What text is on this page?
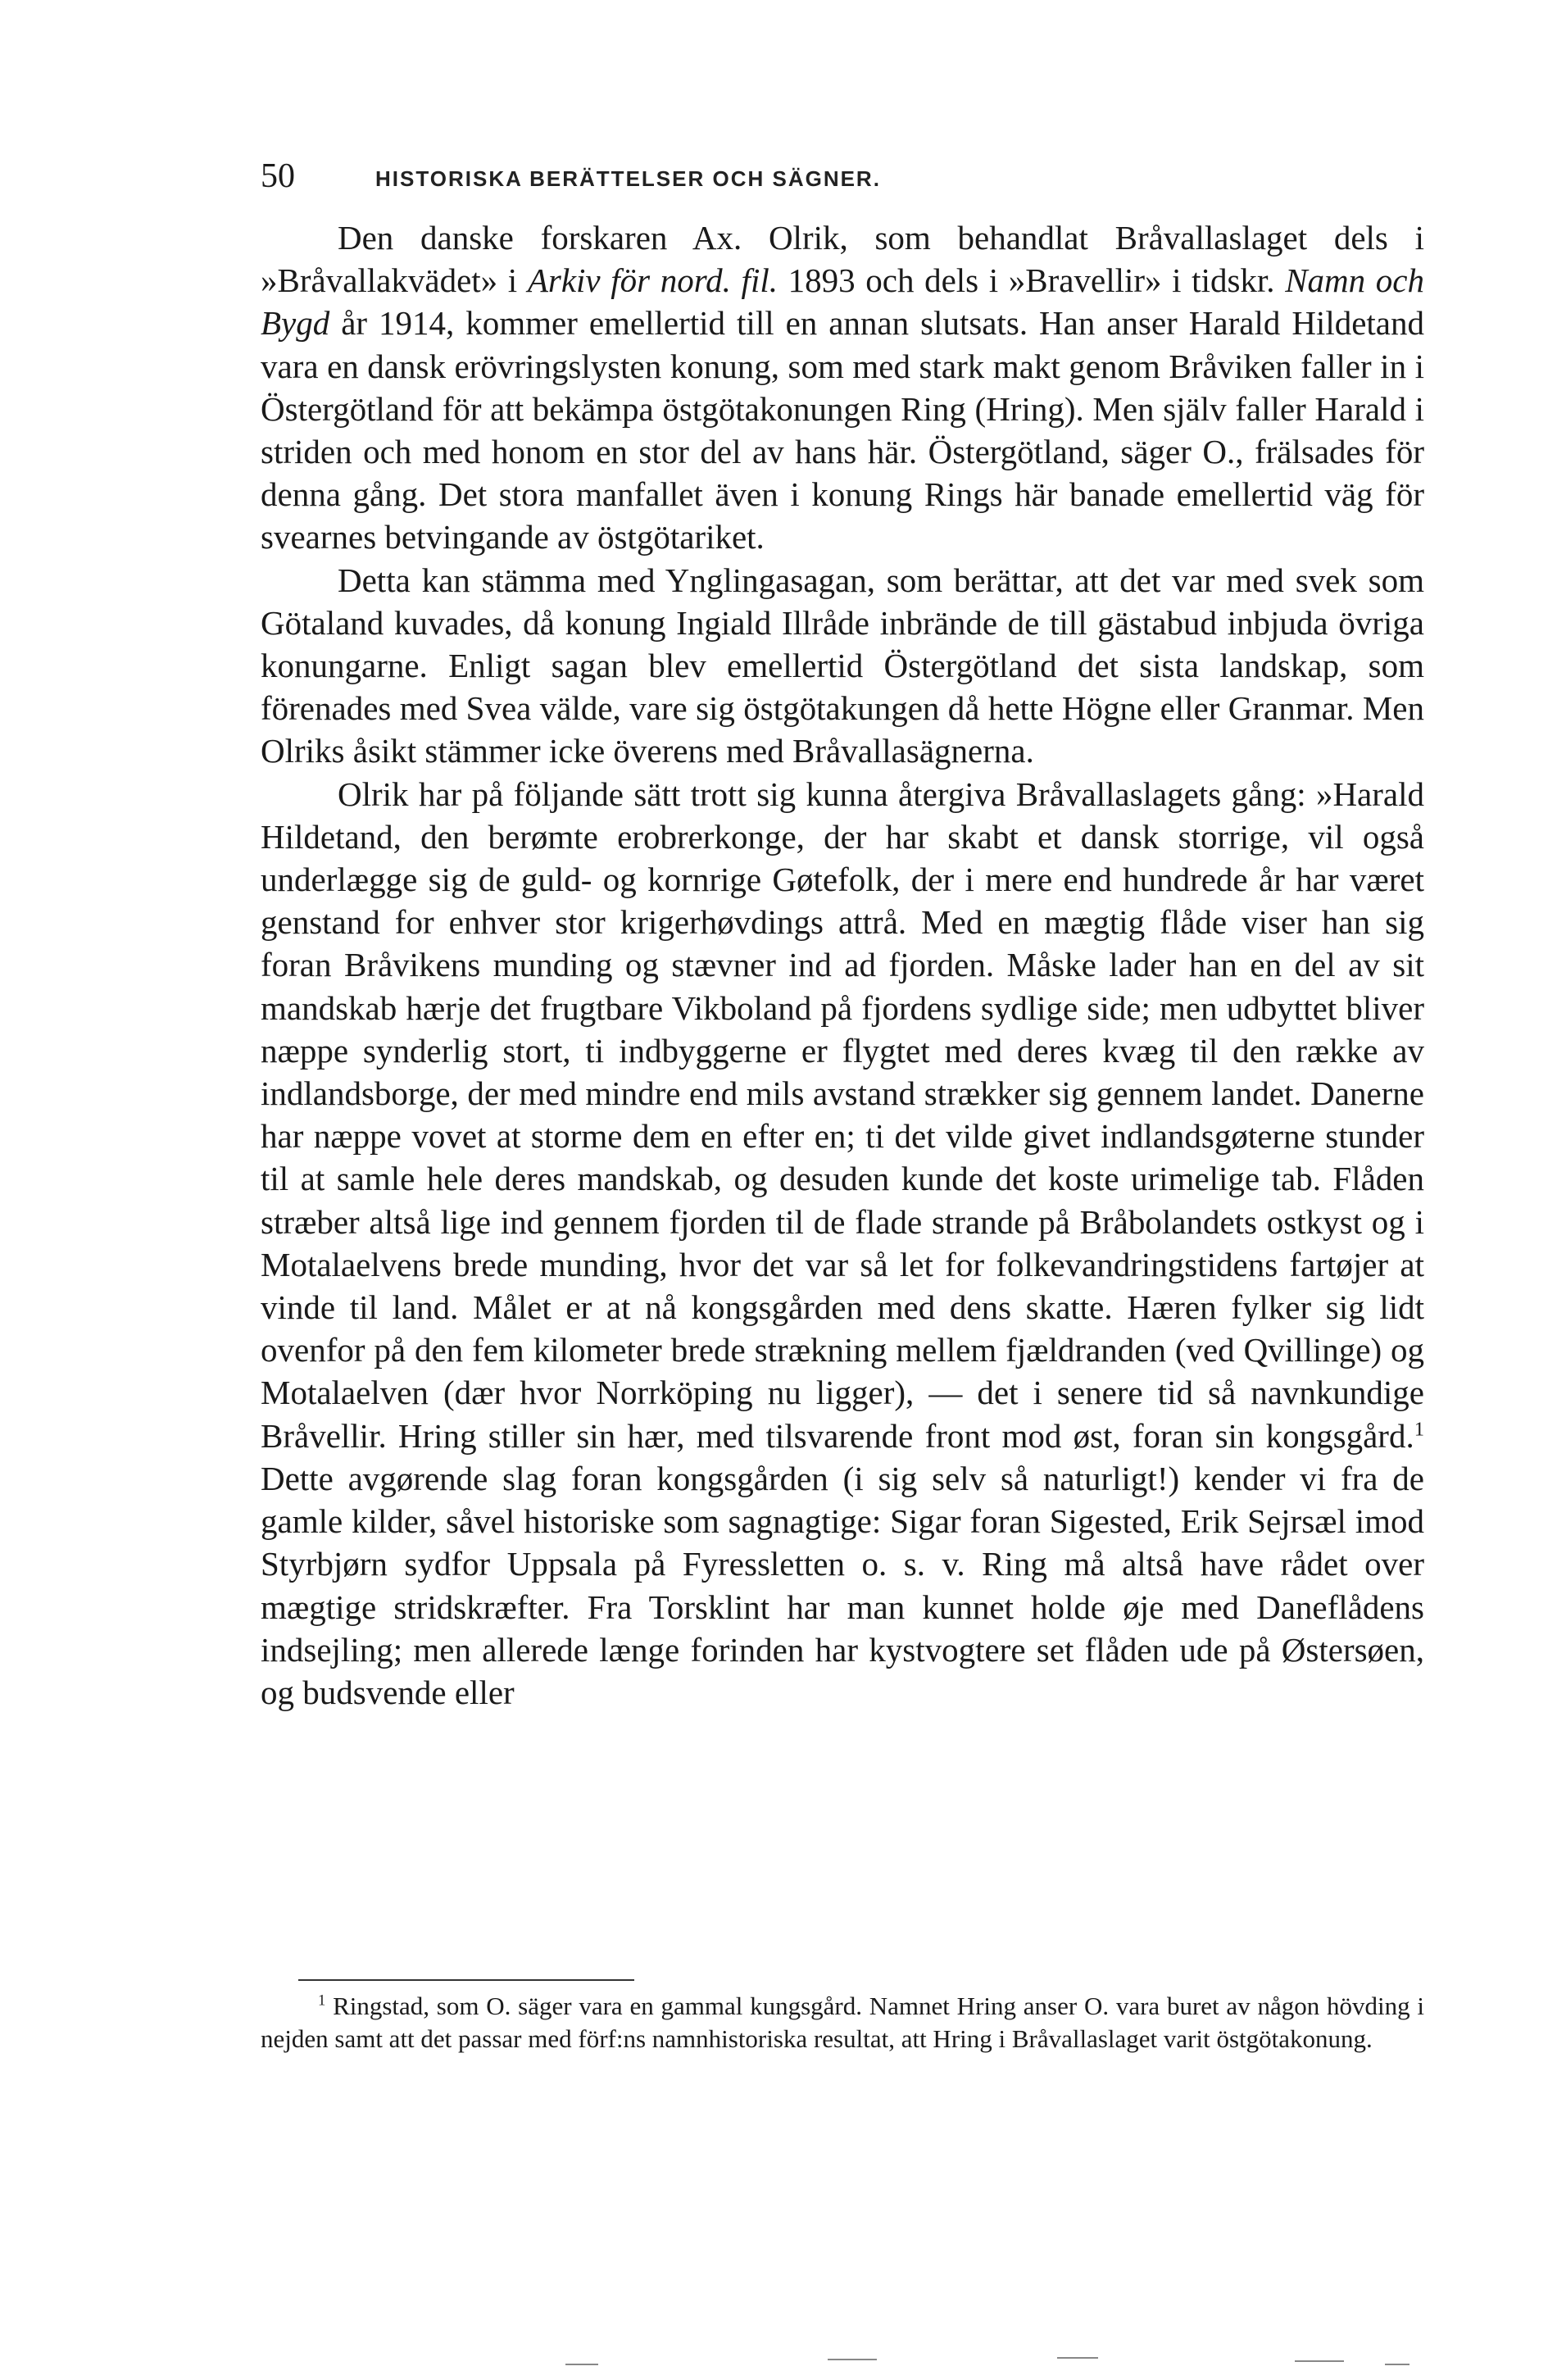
50	HISTORISKA BERÄTTELSER OCH SÄGNER.

Den danske forskaren Ax. Olrik, som behandlat Bråvallaslaget dels i »Bråvallakvädet» i Arkiv för nord. fil. 1893 och dels i »Bravellir» i tidskr. Namn och Bygd år 1914, kommer emellertid till en annan slutsats. Han anser Harald Hildetand vara en dansk erövringslysten konung, som med stark makt genom Bråviken faller in i Östergötland för att bekämpa östgötakonungen Ring (Hring). Men själv faller Harald i striden och med honom en stor del av hans här. Östergötland, säger O., frälsades för denna gång. Det stora manfallet även i konung Rings här banade emellertid väg för svearnes betvingande av östgötariket.

Detta kan stämma med Ynglingasagan, som berättar, att det var med svek som Götaland kuvades, då konung Ingiald Illråde inbrände de till gästabud inbjuda övriga konungarne. Enligt sagan blev emellertid Östergötland det sista landskap, som förenades med Svea välde, vare sig östgötakungen då hette Högne eller Granmar. Men Olriks åsikt stämmer icke överens med Bråvallasägnerna.

Olrik har på följande sätt trott sig kunna återgiva Bråvallaslagets gång: »Harald Hildetand, den berømte erobrerkonge, der har skabt et dansk storrige, vil også underlægge sig de guld- og kornrige Gøtefolk, der i mere end hundrede år har været genstand for enhver stor krigerhøvdings attrå. Med en mægtig flåde viser han sig foran Bråvikens munding og stævner ind ad fjorden. Måske lader han en del av sit mandskab hærje det frugtbare Vikboland på fjordens sydlige side; men udbyttet bliver næppe synderlig stort, ti indbyggerne er flygtet med deres kvæg til den række av indlandsborge, der med mindre end mils avstand strækker sig gennem landet. Danerne har næppe vovet at storme dem en efter en; ti det vilde givet indlandsgøterne stunder til at samle hele deres mandskab, og desuden kunde det koste urimelige tab. Flåden stræber altså lige ind gennem fjorden til de flade strande på Bråbolandets ostkyst og i Motalaelvens brede munding, hvor det var så let for folkevandringstidens fartøjer at vinde til land. Målet er at nå kongsgården med dens skatte. Hæren fylker sig lidt ovenfor på den fem kilometer brede strækning mellem fjældranden (ved Qvillinge) og Motalaelven (dær hvor Norrköping nu ligger), — det i senere tid så navnkundige Bråvellir. Hring stiller sin hær, med tilsvarende front mod øst, foran sin kongsgård.$^1$ Dette avgørende slag foran kongsgården (i sig selv så naturligt!) kender vi fra de gamle kilder, såvel historiske som sagnagtige: Sigar foran Sigested, Erik Sejrsæl imod Styrbjørn sydfor Uppsala på Fyressletten o. s. v. Ring må altså have rådet over mægtige stridskræfter. Fra Torsklint har man kunnet holde øje med Daneflådens indsejling; men allerede længe forinden har kystvogtere set flåden ude på Østersøen, og budsvende eller

$^1$ Ringstad, som O. säger vara en gammal kungsgård. Namnet Hring anser O. vara buret av någon hövding i nejden samt att det passar med förf:ns namnhistoriska resultat, att Hring i Bråvallaslaget varit östgötakonung.
